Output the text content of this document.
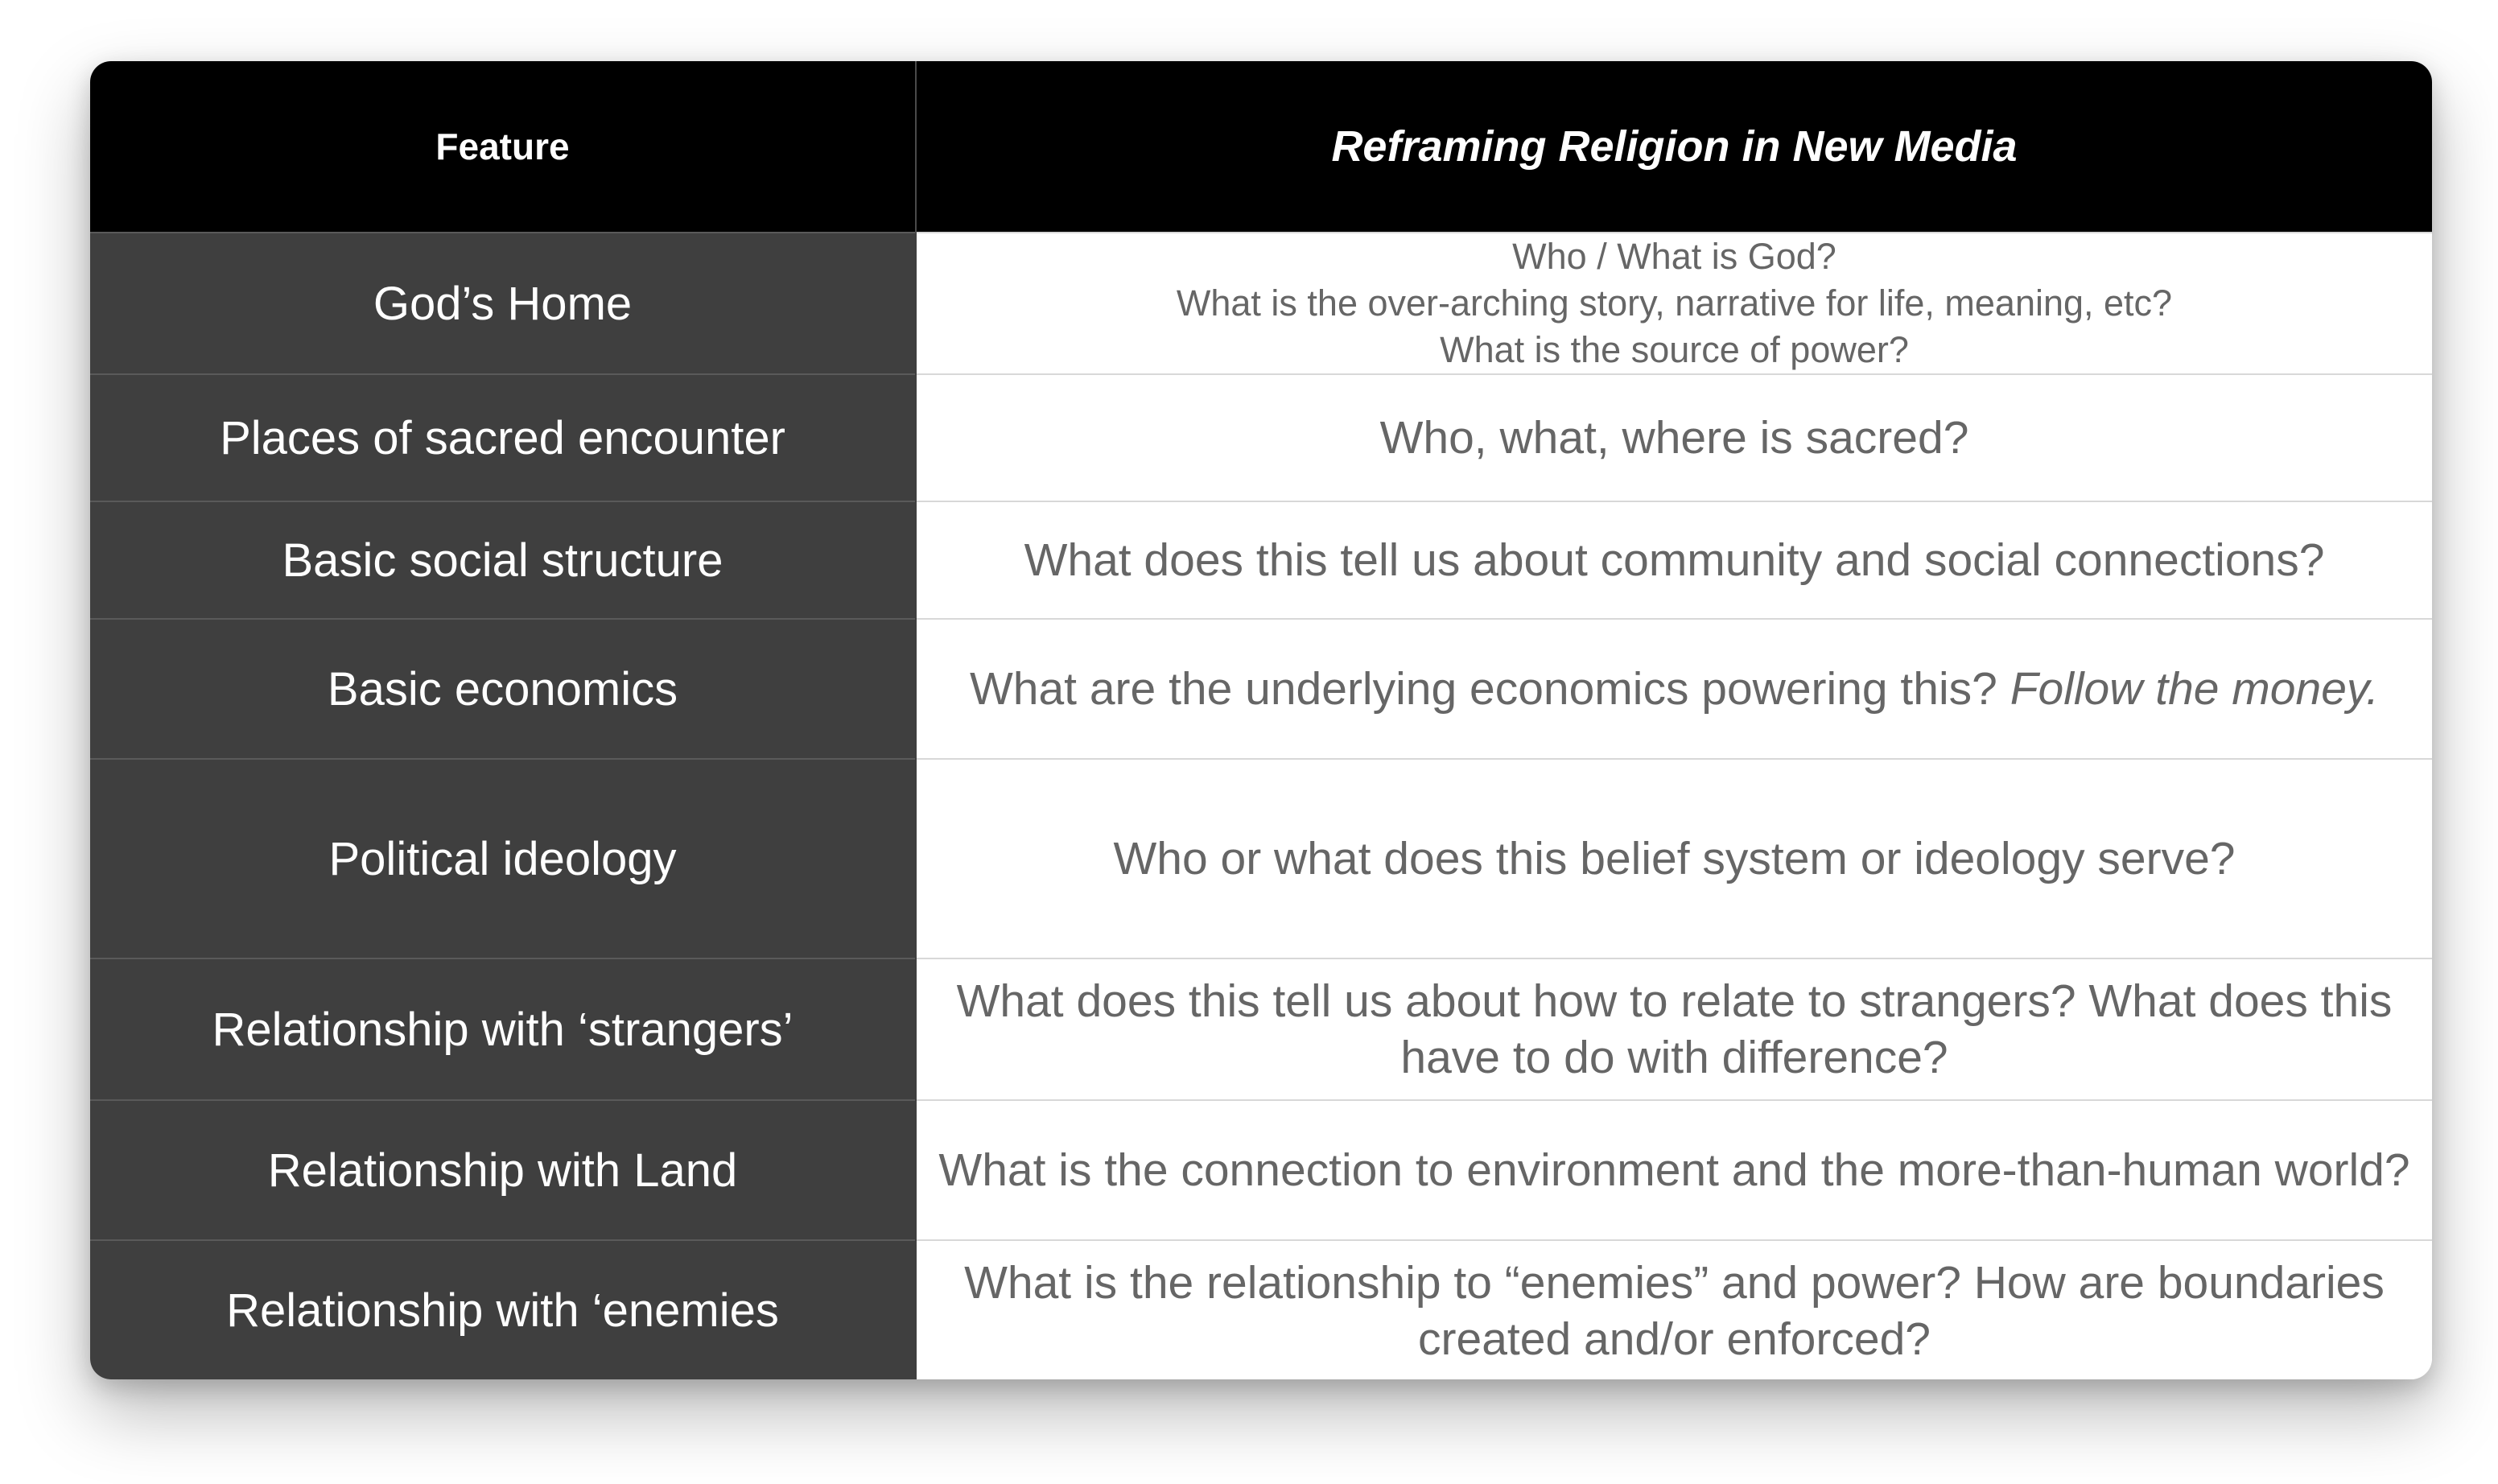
Feature	Reframing Religion in New Media
God’s Home	Who / What is God?
What is the over-arching story, narrative for life, meaning, etc?
What is the source of power?

Places of sacred encounter	Who, what, where is sacred?
Basic social structure	What does this tell us about community and social connections?
Basic economics	What are the underlying economics powering this? Follow the money.
Political ideology	Who or what does this belief system or ideology serve?
Relationship with ‘strangers’	What does this tell us about how to relate to strangers? What does this have to do with difference?
Relationship with Land	What is the connection to environment and the more-than-human world?
Relationship with ‘enemies	What is the relationship to “enemies” and power? How are boundaries created and/or enforced?
